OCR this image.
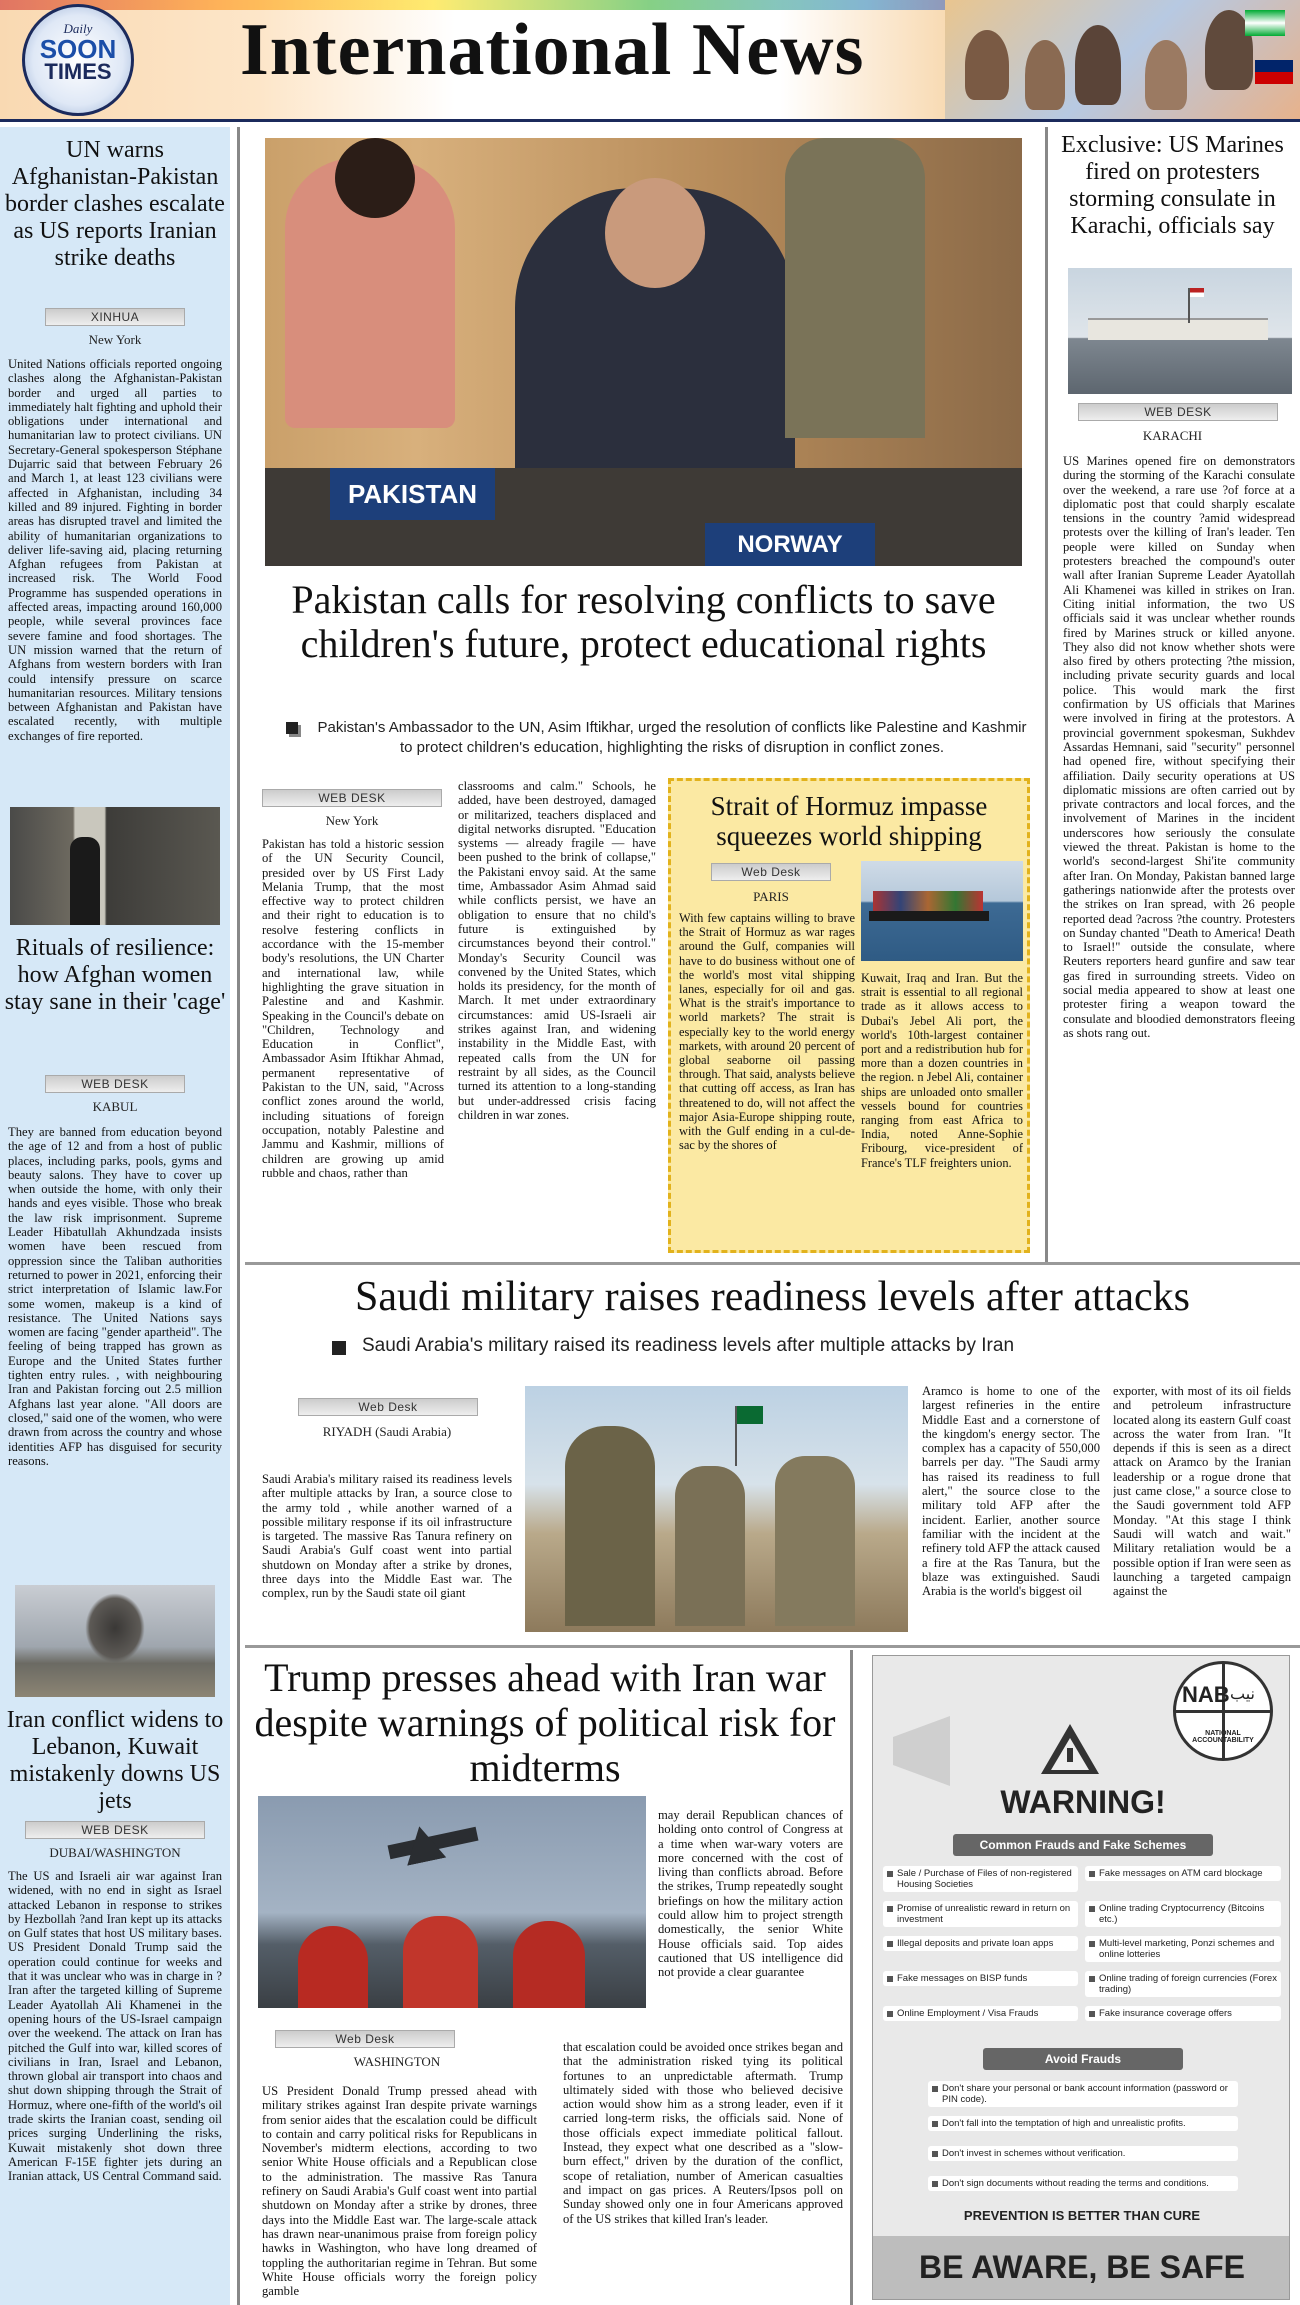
Daily
SOON
TIMES International News
UN warns Afghanistan-Pakistan border clashes escalate as US reports Iranian strike deaths
XINHUA
New York
United Nations officials reported ongoing clashes along the Afghanistan-Pakistan border and urged all parties to immediately halt fighting and uphold their obligations under international and humanitarian law to protect civilians. UN Secretary-General spokesperson Stéphane Dujarric said that between February 26 and March 1, at least 123 civilians were affected in Afghanistan, including 34 killed and 89 injured. Fighting in border areas has disrupted travel and limited the ability of humanitarian organizations to deliver life-saving aid, placing returning Afghan refugees from Pakistan at increased risk. The World Food Programme has suspended operations in affected areas, impacting around 160,000 people, while several provinces face severe famine and food shortages. The UN mission warned that the return of Afghans from western borders with Iran could intensify pressure on scarce humanitarian resources. Military tensions between Afghanistan and Pakistan have escalated recently, with multiple exchanges of fire reported.
Rituals of resilience: how Afghan women stay sane in their 'cage'
WEB DESK
KABUL
They are banned from education beyond the age of 12 and from a host of public places, including parks, pools, gyms and beauty salons. They have to cover up when outside the home, with only their hands and eyes visible. Those who break the law risk imprisonment. Supreme Leader Hibatullah Akhundzada insists women have been rescued from oppression since the Taliban authorities returned to power in 2021, enforcing their strict interpretation of Islamic law.For some women, makeup is a kind of resistance. The United Nations says women are facing "gender apartheid". The feeling of being trapped has grown as Europe and the United States further tighten entry rules. , with neighbouring Iran and Pakistan forcing out 2.5 million Afghans last year alone. "All doors are closed," said one of the women, who were drawn from across the country and whose identities AFP has disguised for security reasons.
Iran conflict widens to Lebanon, Kuwait mistakenly downs US jets
WEB DESK
DUBAI/WASHINGTON
The US and Israeli air war against Iran widened, with no end in sight as Israel attacked Lebanon in response to strikes by Hezbollah ?and Iran kept up its attacks on Gulf states that host US military bases. US President Donald Trump said the operation could continue for weeks and that it was unclear who was in charge in ?Iran after the targeted killing of Supreme Leader Ayatollah Ali Khamenei in the opening hours of the US-Israel campaign over the weekend. The attack on Iran has pitched the Gulf into war, killed scores of civilians in Iran, Israel and Lebanon, thrown global air transport into chaos and shut down shipping through the Strait of Hormuz, where one-fifth of the world's oil trade skirts the Iranian coast, sending oil prices surging Underlining the risks, Kuwait mistakenly shot down three American F-15E fighter jets during an Iranian attack, US Central Command said.
PAKISTAN
NORWAY
Pakistan calls for resolving conflicts to save children's future, protect educational rights
Pakistan's Ambassador to the UN, Asim Iftikhar, urged the resolution of conflicts like Palestine and Kashmir to protect children's education, highlighting the risks of disruption in conflict zones.
WEB DESK
New York
Pakistan has told a historic session of the UN Security Council, presided over by US First Lady Melania Trump, that the most effective way to protect children and their right to education is to resolve festering conflicts in accordance with the 15-member body's resolutions, the UN Charter and international law, while highlighting the grave situation in Palestine and and Kashmir. Speaking in the Council's debate on "Children, Technology and Education in Conflict", Ambassador Asim Iftikhar Ahmad, permanent representative of Pakistan to the UN, said, "Across conflict zones around the world, including situations of foreign occupation, notably Palestine and Jammu and Kashmir, millions of children are growing up amid rubble and chaos, rather than
classrooms and calm." Schools, he added, have been destroyed, damaged or militarized, teachers displaced and digital networks disrupted. "Education systems — already fragile — have been pushed to the brink of collapse," the Pakistani envoy said. At the same time, Ambassador Asim Ahmad said while conflicts persist, we have an obligation to ensure that no child's future is extinguished by circumstances beyond their control." Monday's Security Council was convened by the United States, which holds its presidency, for the month of March. It met under extraordinary circumstances: amid US-Israeli air strikes against Iran, and widening instability in the Middle East, with repeated calls from the UN for restraint by all sides, as the Council turned its attention to a long-standing but under-addressed crisis facing children in war zones.
Strait of Hormuz impasse squeezes world shipping
Web Desk
PARIS
With few captains willing to brave the Strait of Hormuz as war rages around the Gulf, companies will have to do business without one of the world's most vital shipping lanes, especially for oil and gas. What is the strait's importance to world markets? The strait is especially key to the world energy markets, with around 20 percent of global seaborne oil passing through. That said, analysts believe that cutting off access, as Iran has threatened to do, will not affect the major Asia-Europe shipping route, with the Gulf ending in a cul-de-sac by the shores of
Kuwait, Iraq and Iran. But the strait is essential to all regional trade as it allows access to Dubai's Jebel Ali port, the world's 10th-largest container port and a redistribution hub for more than a dozen countries in the region. n Jebel Ali, container ships are unloaded onto smaller vessels bound for countries ranging from east Africa to India, noted Anne-Sophie Fribourg, vice-president of France's TLF freighters union.
Exclusive: US Marines fired on protesters storming consulate in Karachi, officials say
WEB DESK
KARACHI
US Marines opened fire on demonstrators during the storming of the Karachi consulate over the weekend, a rare use ?of force at a diplomatic post that could sharply escalate tensions in the country ?amid widespread protests over the killing of Iran's leader. Ten people were killed on Sunday when protesters breached the compound's outer wall after Iranian Supreme Leader Ayatollah Ali Khamenei was killed in strikes on Iran. Citing initial information, the two US officials said it was unclear whether rounds fired by Marines struck or killed anyone. They also did not know whether shots were also fired by others protecting ?the mission, including private security guards and local police. This would mark the first confirmation by US officials that Marines were involved in firing at the protestors. A provincial government spokesman, Sukhdev Assardas Hemnani, said "security" personnel had opened fire, without specifying their affiliation. Daily security operations at US diplomatic missions are often carried out by private contractors and local forces, and the involvement of Marines in the incident underscores how seriously the consulate viewed the threat. Pakistan is home to the world's second-largest Shi'ite community after Iran. On Monday, Pakistan banned large gatherings nationwide after the protests over the strikes on Iran spread, with 26 people reported dead ?across ?the country. Protesters on Sunday chanted "Death to America! Death to Israel!" outside the consulate, where Reuters reporters heard gunfire and saw tear gas fired in surrounding streets. Video on social media appeared to show at least one protester firing a weapon toward the consulate and bloodied demonstrators fleeing as shots rang out.
Saudi military raises readiness levels after attacks
Saudi Arabia's military raised its readiness levels after multiple attacks by Iran
Web Desk
RIYADH (Saudi Arabia)
Saudi Arabia's military raised its readiness levels after multiple attacks by Iran, a source close to the army told , while another warned of a possible military response if its oil infrastructure is targeted. The massive Ras Tanura refinery on Saudi Arabia's Gulf coast went into partial shutdown on Monday after a strike by drones, three days into the Middle East war. The complex, run by the Saudi state oil giant
Aramco is home to one of the largest refineries in the entire Middle East and a cornerstone of the kingdom's energy sector. The complex has a capacity of 550,000 barrels per day. "The Saudi army has raised its readiness to full alert," the source close to the military told AFP after the incident. Earlier, another source familiar with the incident at the refinery told AFP the attack caused a fire at the Ras Tanura, but the blaze was extinguished. Saudi Arabia is the world's biggest oil
exporter, with most of its oil fields and petroleum infrastructure located along its eastern Gulf coast across the water from Iran. "It depends if this is seen as a direct attack on Aramco by the Iranian leadership or a rogue drone that just came close," a source close to the Saudi government told AFP Monday. "At this stage I think Saudi will watch and wait." Military retaliation would be a possible option if Iran were seen as launching a targeted campaign against the
Trump presses ahead with Iran war despite warnings of political risk for midterms
Web Desk
WASHINGTON
US President Donald Trump pressed ahead with military strikes against Iran despite private warnings from senior aides that the escalation could be difficult to contain and carry political risks for Republicans in November's midterm elections, according to two senior White House officials and a Republican close to the administration. The massive Ras Tanura refinery on Saudi Arabia's Gulf coast went into partial shutdown on Monday after a strike by drones, three days into the Middle East war. The large-scale attack has drawn near-unanimous praise from foreign policy hawks in Washington, who have long dreamed of toppling the authoritarian regime in Tehran. But some White House officials worry the foreign policy gamble
may derail Republican chances of holding onto control of Congress at a time when war-wary voters are more concerned with the cost of living than conflicts abroad. Before the strikes, Trump repeatedly sought briefings on how the military action could allow him to project strength domestically, the senior White House officials said. Top aides cautioned that US intelligence did not provide a clear guarantee
that escalation could be avoided once strikes began and that the administration risked tying its political fortunes to an unpredictable aftermath. Trump ultimately sided with those who believed decisive action would show him as a strong leader, even if it carried long-term risks, the officials said. None of those officials expect immediate political fallout. Instead, they expect what one described as a "slow-burn effect," driven by the duration of the conflict, scope of retaliation, number of American casualties and impact on gas prices. A Reuters/Ipsos poll on Sunday showed only one in four Americans approved of the US strikes that killed Iran's leader.
NAB نیب
NATIONAL ACCOUNTABILITY
WARNING!
Common Frauds and Fake Schemes
Sale / Purchase of Files of non-registered Housing Societies
Promise of unrealistic reward in return on investment
Illegal deposits and private loan apps
Fake messages on BISP funds
Online Employment / Visa Frauds
Fake messages on ATM card blockage
Online trading Cryptocurrency (Bitcoins etc.)
Multi-level marketing, Ponzi schemes and online lotteries
Online trading of foreign currencies (Forex trading)
Fake insurance coverage offers
Avoid Frauds
Don't share your personal or bank account information (password or PIN code).
Don't fall into the temptation of high and unrealistic profits.
Don't invest in schemes without verification.
Don't sign documents without reading the terms and conditions.
PREVENTION IS BETTER THAN CURE
BE AWARE, BE SAFE
